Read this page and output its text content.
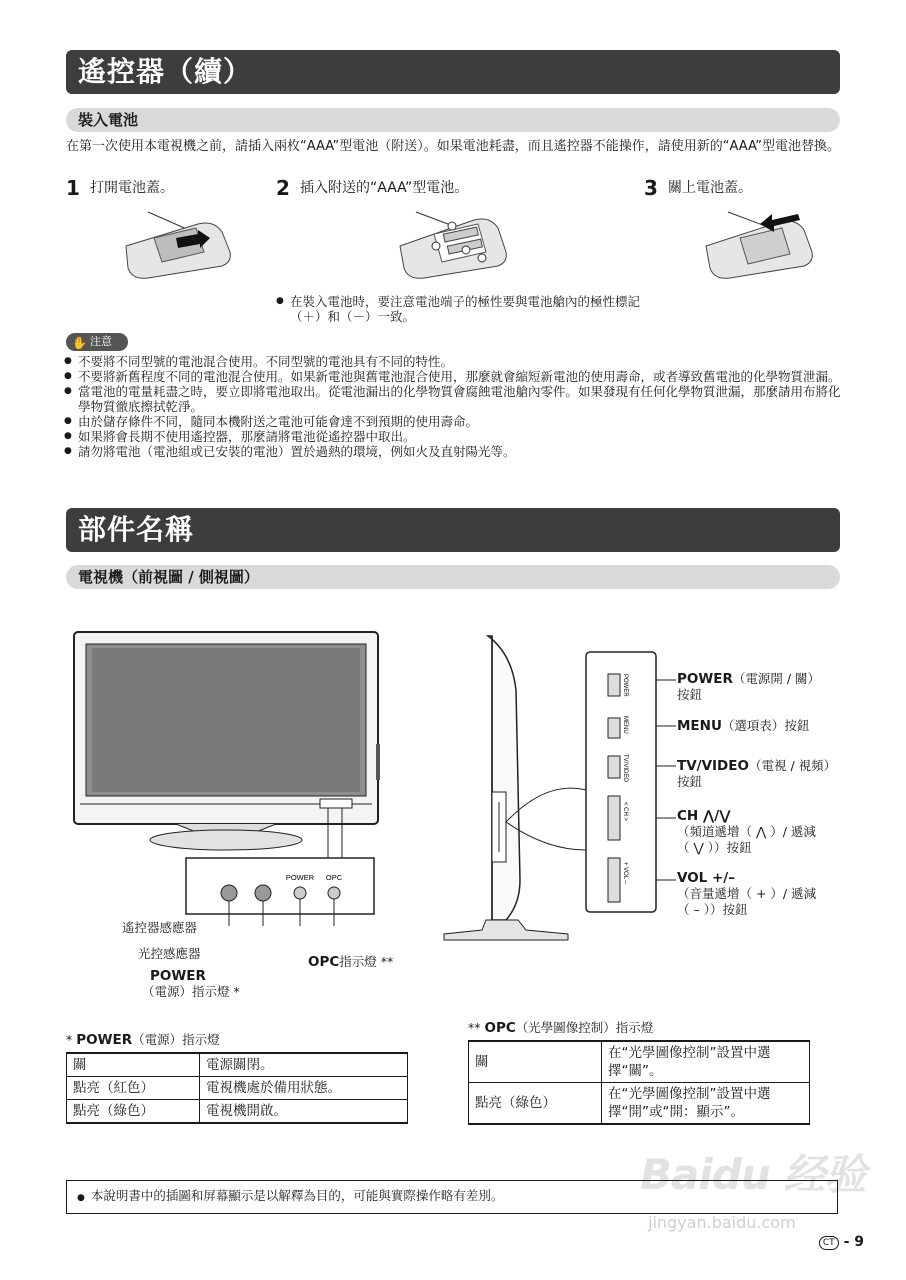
遙控器（續）
裝入電池
在第一次使用本電視機之前，請插入兩枚“AAA”型電池（附送）。如果電池耗盡，而且遙控器不能操作，請使用新的“AAA”型電池替換。
1 打開電池蓋。	2 插入附送的“AAA”型電池。	3 關上電池蓋。
● 在裝入電池時，要注意電池端子的極性要與電池艙內的極性標記（＋）和（－）一致。
✋ 注意
● 不要將不同型號的電池混合使用。不同型號的電池具有不同的特性。
● 不要將新舊程度不同的電池混合使用。如果新電池與舊電池混合使用，那麼就會縮短新電池的使用壽命，或者導致舊電池的化學物質泄漏。
● 當電池的電量耗盡之時，要立即將電池取出。從電池漏出的化學物質會腐蝕電池艙內零件。如果發現有任何化學物質泄漏，那麼請用布將化學物質徹底擦拭乾淨。
● 由於儲存條件不同，隨同本機附送之電池可能會達不到預期的使用壽命。
● 如果將會長期不使用遙控器，那麼請將電池從遙控器中取出。
● 請勿將電池（電池組或已安裝的電池）置於過熱的環境，例如火及直射陽光等。
部件名稱
電視機（前視圖 / 側視圖）
POWER OPC
遙控器感應器
光控感應器
POWER
（電源）指示燈 *
OPC指示燈 **
POWER
MENU
TV/VIDEO
< CH >
+ VOL –
POWER（電源開 / 關）
按鈕
MENU（選項表）按鈕
TV/VIDEO（電視 / 視頻）
按鈕
CH ⋀/⋁
（頻道遞增（ ⋀ ）/ 遞減
（ ⋁ ））按鈕
VOL +/–
（音量遞增（ + ）/ 遞減
（ – ））按鈕
* POWER（電源）指示燈
關	電源關閉。
點亮（紅色）	電視機處於備用狀態。
點亮（綠色）	電視機開啟。
** OPC（光學圖像控制）指示燈
關	在“光學圖像控制”設置中選擇“關”。
點亮（綠色）	在“光學圖像控制”設置中選擇“開”或“開：顯示”。
Baidu 经验
● 本說明書中的插圖和屏幕顯示是以解釋為目的，可能與實際操作略有差別。
jingyan.baidu.com
CT - 9
